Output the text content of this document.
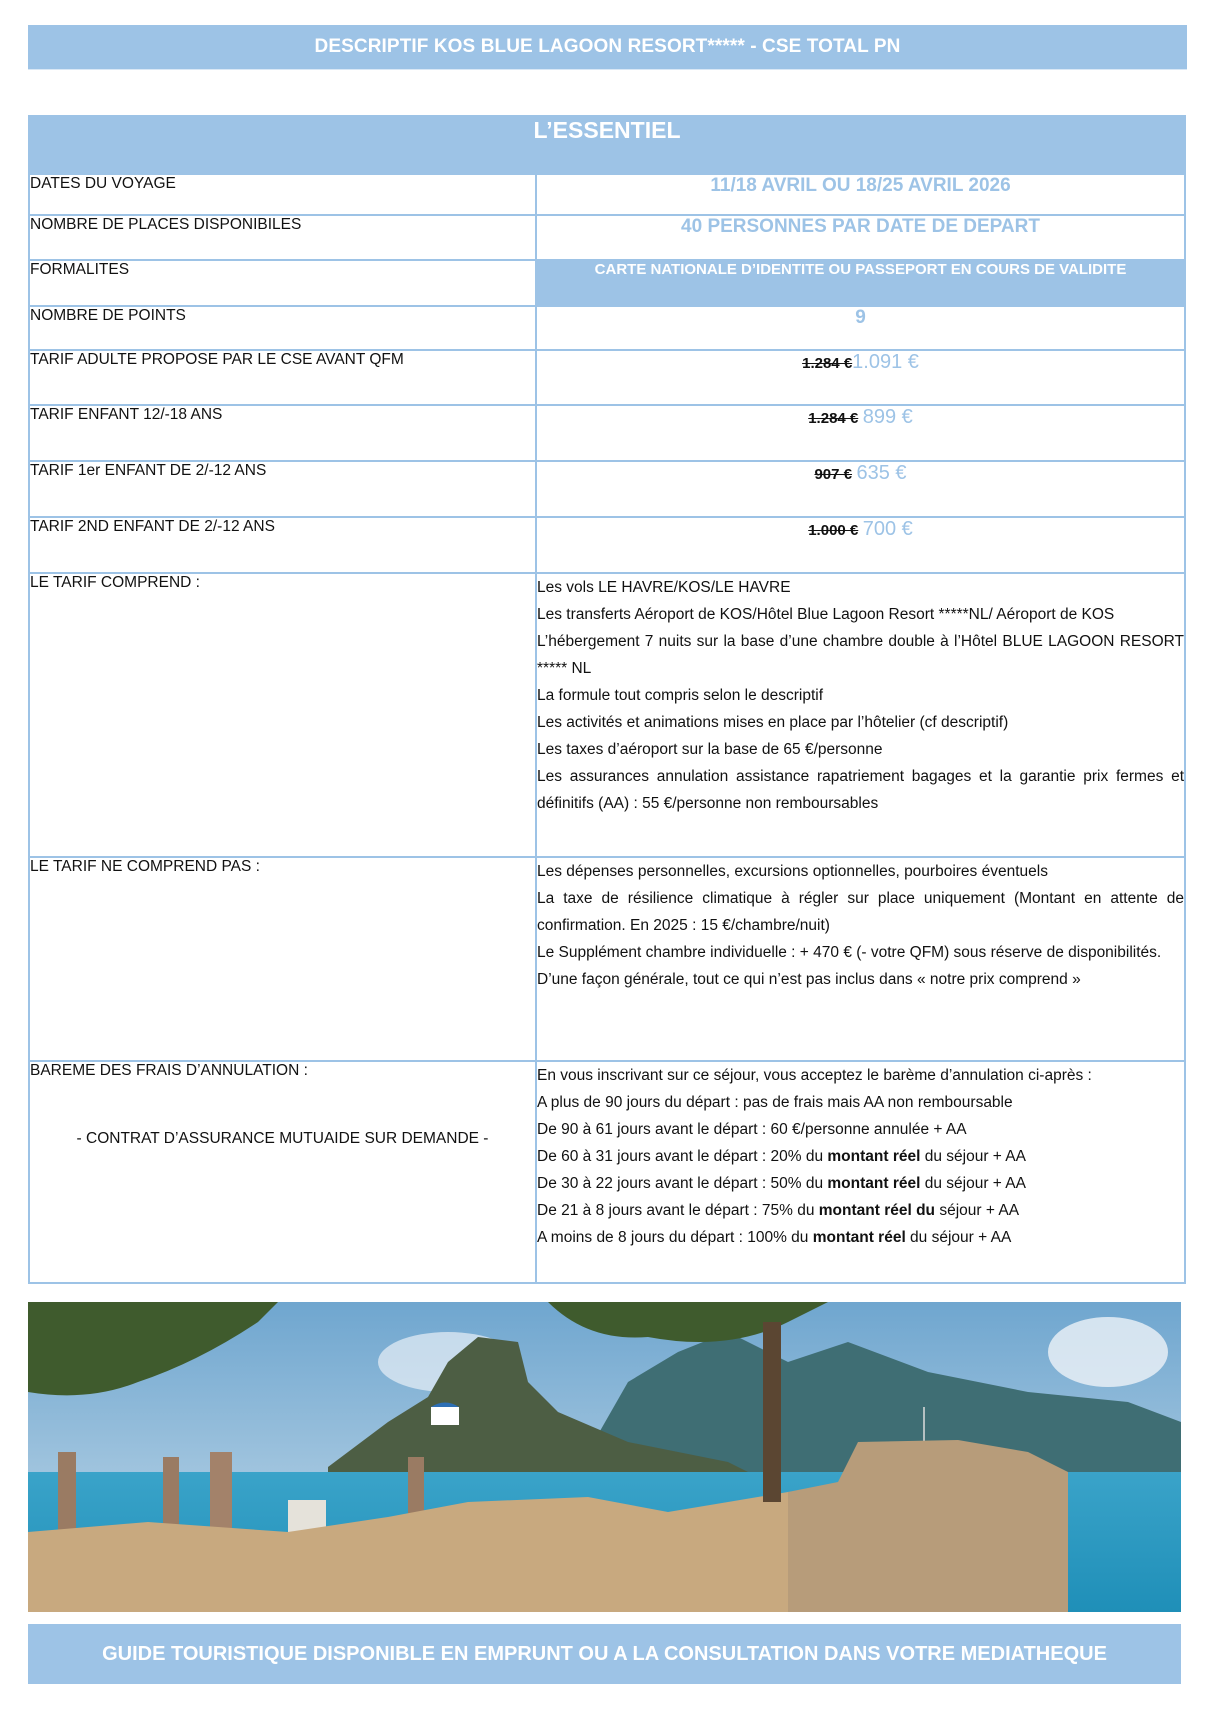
DESCRIPTIF KOS BLUE LAGOON RESORT***** - CSE TOTAL PN
L’ESSENTIEL	
DATES DU VOYAGE	11/18 AVRIL OU 18/25 AVRIL 2026
NOMBRE DE PLACES DISPONIBILES	40 PERSONNES PAR DATE DE DEPART
FORMALITES	CARTE NATIONALE D’IDENTITE OU PASSEPORT EN COURS DE VALIDITE
NOMBRE DE POINTS	9
TARIF ADULTE PROPOSE PAR LE CSE AVANT QFM	1.284 €1.091 €
TARIF ENFANT 12/-18 ANS	1.284 € 899 €
TARIF 1er ENFANT DE 2/-12 ANS	907 € 635 €
TARIF 2ND ENFANT DE 2/-12 ANS	1.000 € 700 €
LE TARIF COMPREND :	Les vols LE HAVRE/KOS/LE HAVRE
Les transferts Aéroport de KOS/Hôtel Blue Lagoon Resort *****NL/ Aéroport de KOS
L’hébergement 7 nuits sur la base d’une chambre double à l’Hôtel BLUE LAGOON RESORT ***** NL
La formule tout compris selon le descriptif
Les activités et animations mises en place par l’hôtelier (cf descriptif)
Les taxes d’aéroport sur la base de 65 €/personne
Les assurances annulation assistance rapatriement bagages et la garantie prix fermes et définitifs (AA) : 55 €/personne non remboursables

LE TARIF NE COMPREND PAS :	Les dépenses personnelles, excursions optionnelles, pourboires éventuels
La taxe de résilience climatique à régler sur place uniquement (Montant en attente de confirmation. En 2025 : 15 €/chambre/nuit)
Le Supplément chambre individuelle : + 470 € (- votre QFM) sous réserve de disponibilités.
D’une façon générale, tout ce qui n’est pas inclus dans « notre prix comprend »

BAREME DES FRAIS D’ANNULATION :
- CONTRAT D’ASSURANCE MUTUAIDE SUR DEMANDE -

En vous inscrivant sur ce séjour, vous acceptez le barème d’annulation ci-après :
A plus de 90 jours du départ : pas de frais mais AA non remboursable
De 90 à 61 jours avant le départ : 60 €/personne annulée + AA
De 60 à 31 jours avant le départ : 20% du montant réel du séjour + AA
De 30 à 22 jours avant le départ : 50% du montant réel du séjour + AA
De 21 à 8 jours avant le départ : 75% du montant réel du séjour + AA
A moins de 8 jours du départ : 100% du montant réel du séjour + AA
GUIDE TOURISTIQUE DISPONIBLE EN EMPRUNT OU A LA CONSULTATION DANS VOTRE MEDIATHEQUE
